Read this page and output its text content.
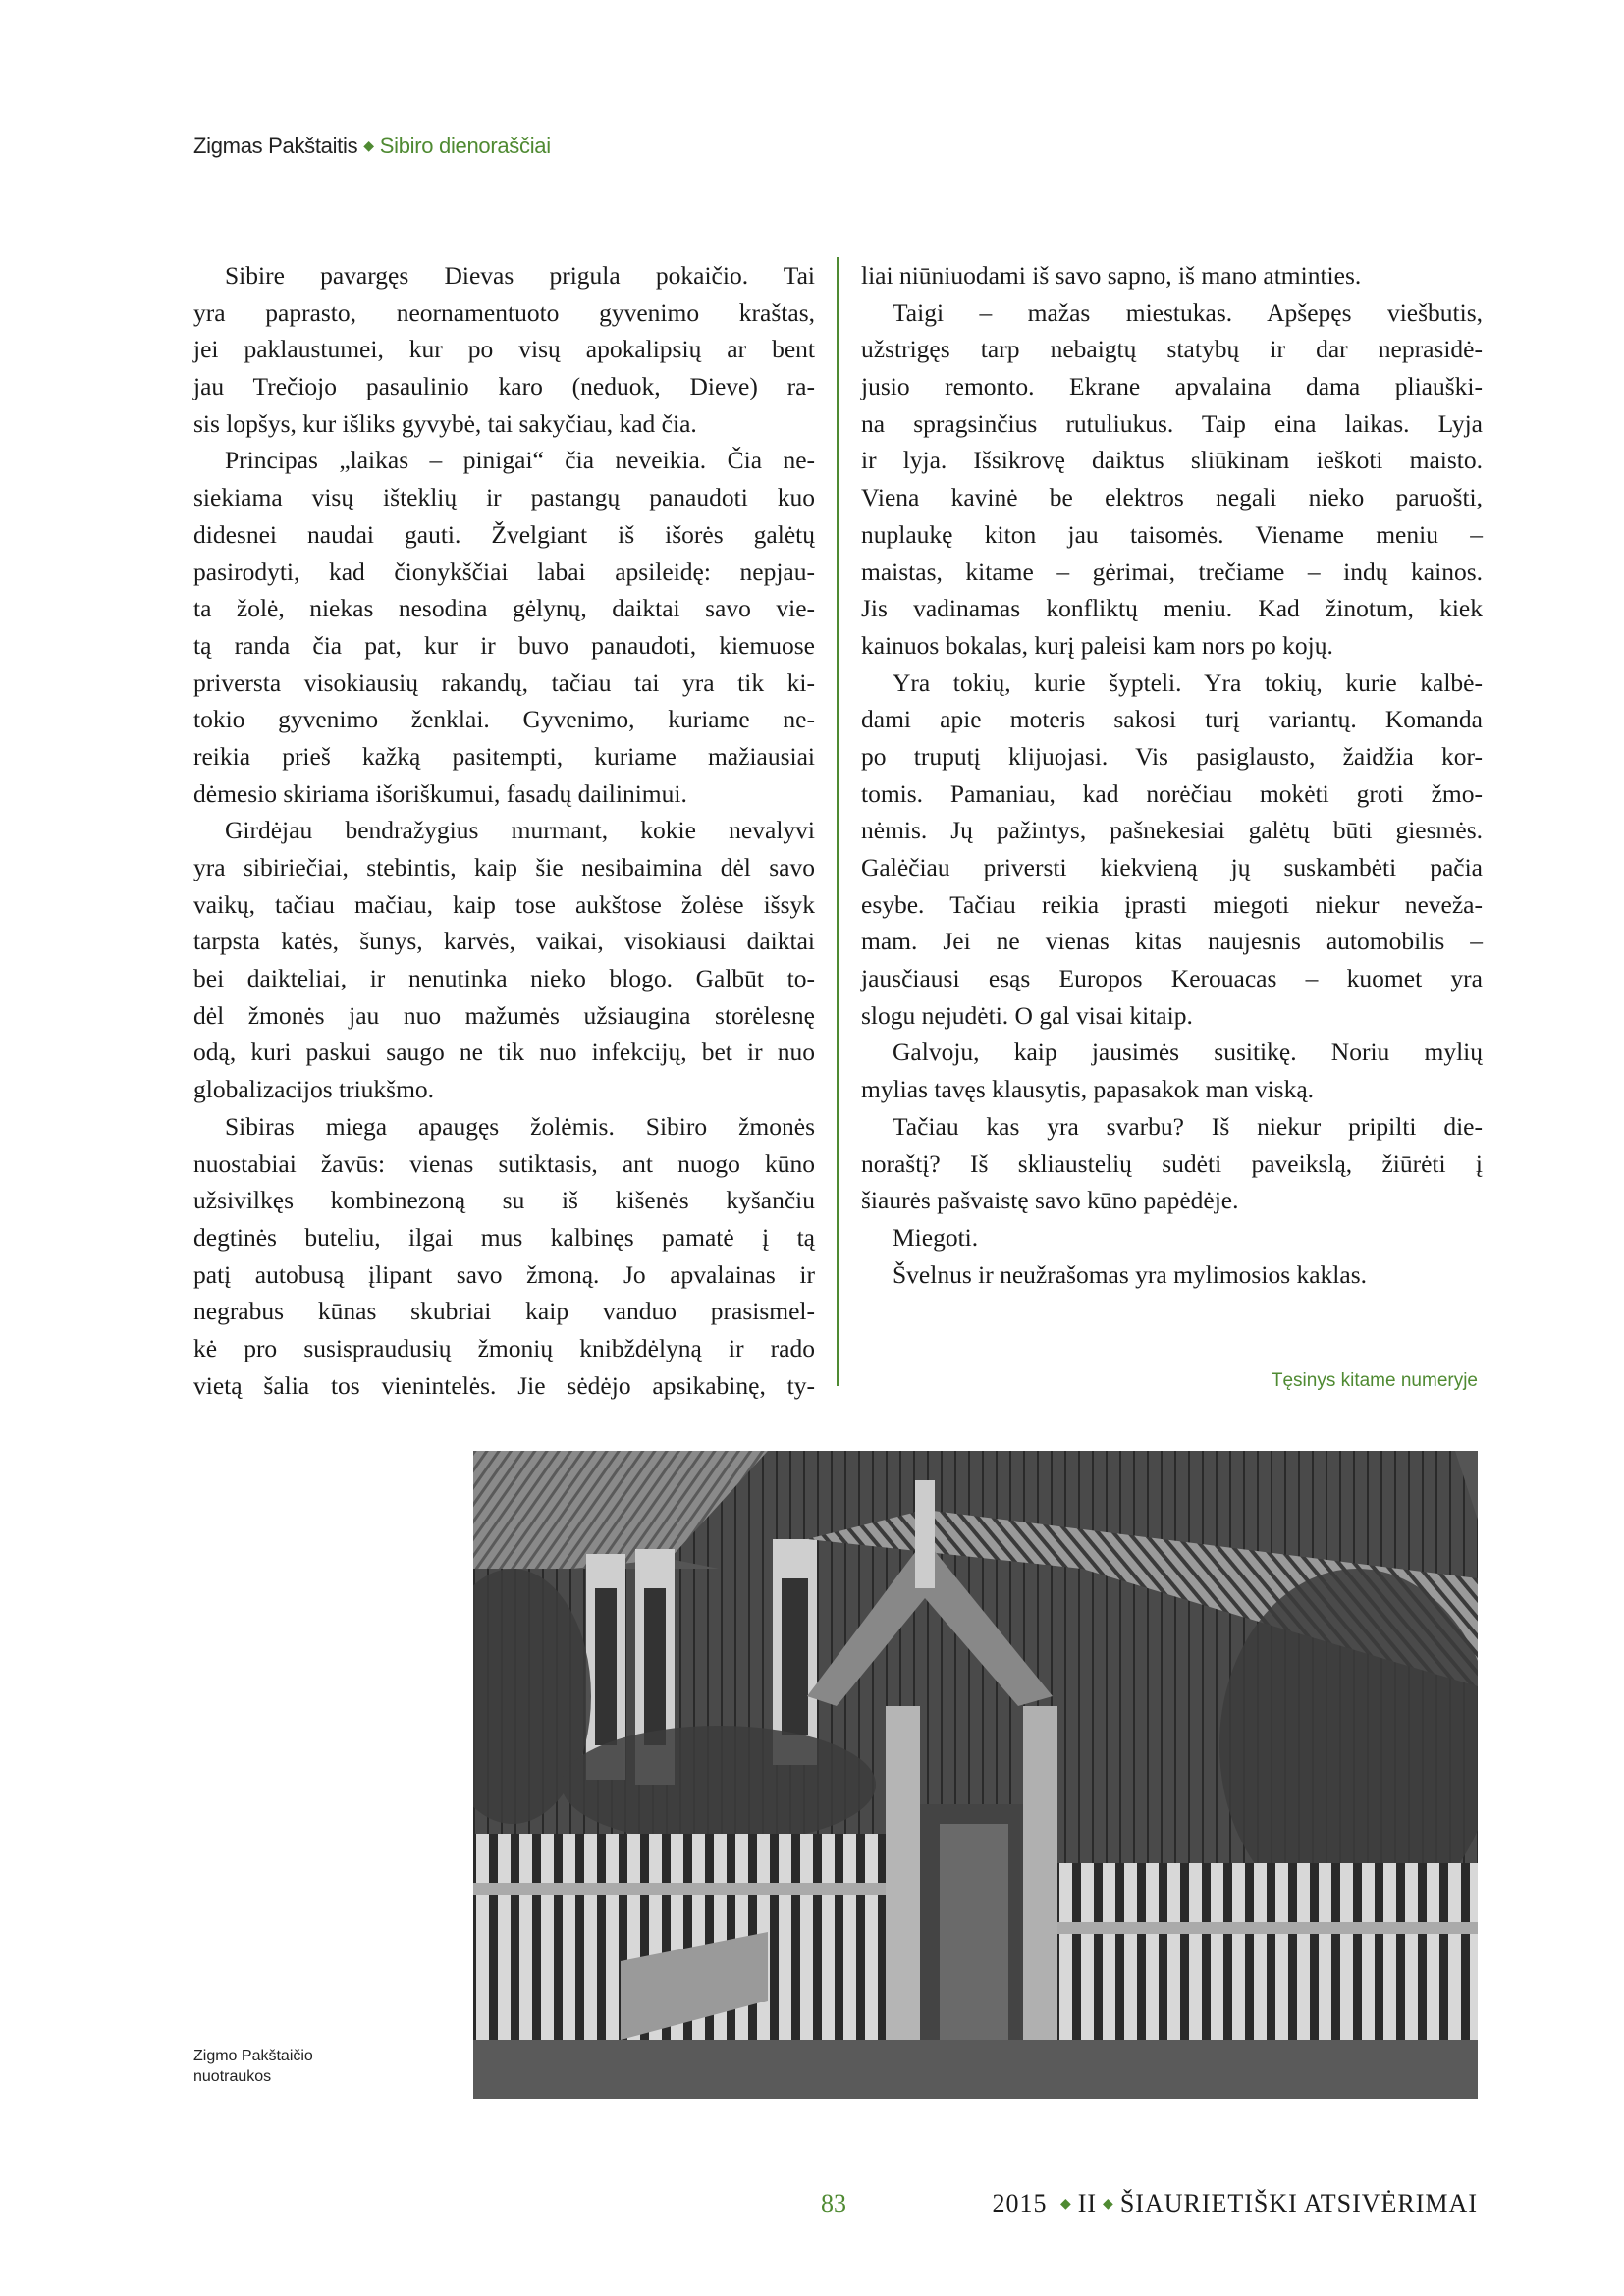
Zigmas Pakštaitis ◆ Sibiro dienoraščiai
Sibire pavargęs Dievas prigula pokaičio. Tai
yra paprasto, neornamentuoto gyvenimo kraštas,
jei paklaustumei, kur po visų apokalipsių ar bent
jau Trečiojo pasaulinio karo (neduok, Dieve) ra-
sis lopšys, kur išliks gyvybė, tai sakyčiau, kad čia.
Principas „laikas – pinigai“ čia neveikia. Čia ne-
siekiama visų išteklių ir pastangų panaudoti kuo
didesnei naudai gauti. Žvelgiant iš išorės galėtų
pasirodyti, kad čionykščiai labai apsileidę: nepjau-
ta žolė, niekas nesodina gėlynų, daiktai savo vie-
tą randa čia pat, kur ir buvo panaudoti, kiemuose
priversta visokiausių rakandų, tačiau tai yra tik ki-
tokio gyvenimo ženklai. Gyvenimo, kuriame ne-
reikia prieš kažką pasitempti, kuriame mažiausiai
dėmesio skiriama išoriškumui, fasadų dailinimui.
Girdėjau bendražygius murmant, kokie nevalyvi
yra sibiriečiai, stebintis, kaip šie nesibaimina dėl savo
vaikų, tačiau mačiau, kaip tose aukštose žolėse išsyk
tarpsta katės, šunys, karvės, vaikai, visokiausi daiktai
bei daikteliai, ir nenutinka nieko blogo. Galbūt to-
dėl žmonės jau nuo mažumės užsiaugina storėlesnę
odą, kuri paskui saugo ne tik nuo infekcijų, bet ir nuo
globalizacijos triukšmo.
Sibiras miega apaugęs žolėmis. Sibiro žmonės
nuostabiai žavūs: vienas sutiktasis, ant nuogo kūno
užsivilkęs kombinezoną su iš kišenės kyšančiu
degtinės buteliu, ilgai mus kalbinęs pamatė į tą
patį autobusą įlipant savo žmoną. Jo apvalainas ir
negrabus kūnas skubriai kaip vanduo prasismel-
kė pro susispraudusių žmonių knibždėlyną ir rado
vietą šalia tos vienintelės. Jie sėdėjo apsikabinę, ty-
liai niūniuodami iš savo sapno, iš mano atminties.
Taigi – mažas miestukas. Apšepęs viešbutis,
užstrigęs tarp nebaigtų statybų ir dar neprasidė-
jusio remonto. Ekrane apvalaina dama pliauški-
na spragsinčius rutuliukus. Taip eina laikas. Lyja
ir lyja. Išsikrovę daiktus sliūkinam ieškoti maisto.
Viena kavinė be elektros negali nieko paruošti,
nuplaukę kiton jau taisomės. Viename meniu –
maistas, kitame – gėrimai, trečiame – indų kainos.
Jis vadinamas konfliktų meniu. Kad žinotum, kiek
kainuos bokalas, kurį paleisi kam nors po kojų.
Yra tokių, kurie šypteli. Yra tokių, kurie kalbė-
dami apie moteris sakosi turį variantų. Komanda
po truputį klijuojasi. Vis pasiglausto, žaidžia kor-
tomis. Pamaniau, kad norėčiau mokėti groti žmo-
nėmis. Jų pažintys, pašnekesiai galėtų būti giesmės.
Galėčiau priversti kiekvieną jų suskambėti pačia
esybe. Tačiau reikia įprasti miegoti niekur neveža-
mam. Jei ne vienas kitas naujesnis automobilis –
jausčiausi esąs Europos Kerouacas – kuomet yra
slogu nejudėti. O gal visai kitaip.
Galvoju, kaip jausimės susitikę. Noriu mylių
mylias tavęs klausytis, papasakok man viską.
Tačiau kas yra svarbu? Iš niekur pripilti die-
noraštį? Iš skliaustelių sudėti paveikslą, žiūrėti į
šiaurės pašvaistę savo kūno papėdėje.
Miegoti.
Švelnus ir neužrašomas yra mylimosios kaklas.
Tęsinys kitame numeryje
Zigmo Pakštaičio
nuotraukos
83	2015 ◆ II ◆ ŠIAURIETIŠKI ATSIVĖRIMAI
